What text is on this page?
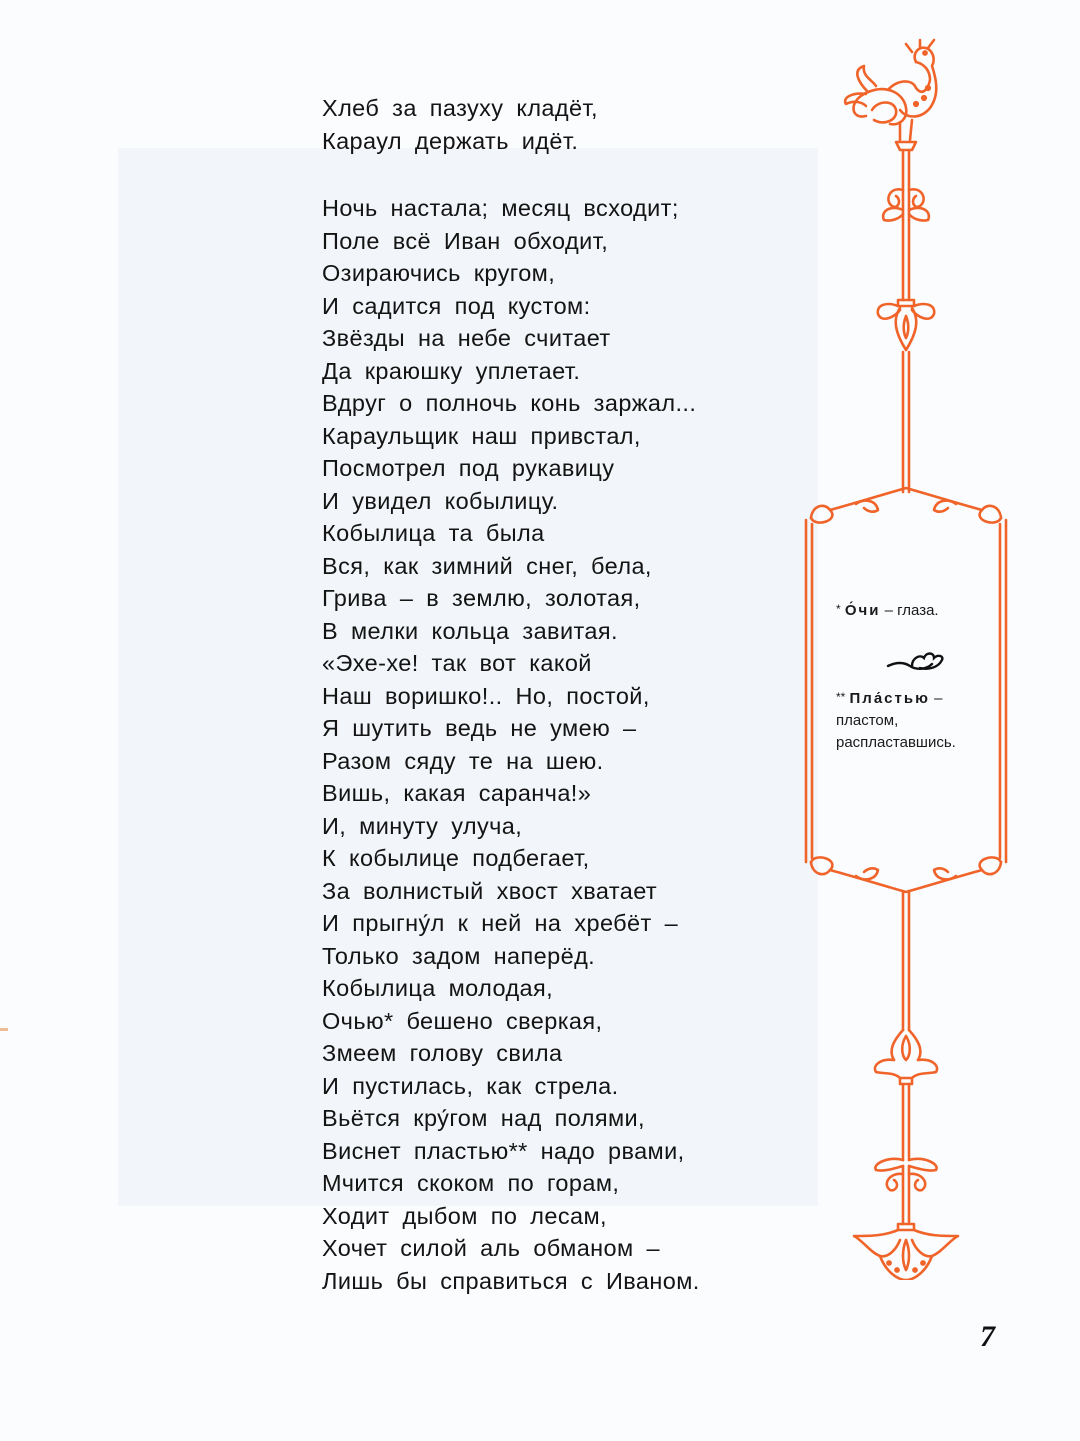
Хлеб за пазуху кладёт,
Караул держать идёт.
Ночь настала; месяц всходит;
Поле всё Иван обходит,
Озираючись кругом,
И садится под кустом:
Звёзды на небе считает
Да краюшку уплетает.
Вдруг о полночь конь заржал...
Караульщик наш привстал,
Посмотрел под рукавицу
И увидел кобылицу.
Кобылица та была
Вся, как зимний снег, бела,
Грива – в землю, золотая,
В мелки кольца завитая.
«Эхе-хе! так вот какой
Наш воришко!.. Но, постой,
Я шутить ведь не умею –
Разом сяду те на шею.
Вишь, какая саранча!»
И, минуту улуча,
К кобылице подбегает,
За волнистый хвост хватает
И прыгну́л к ней на хребёт –
Только задом наперёд.
Кобылица молодая,
Очью* бешено сверкая,
Змеем голову свила
И пустилась, как стрела.
Вьётся кру́гом над полями,
Виснет пластью** надо рвами,
Мчится скоком по горам,
Ходит дыбом по лесам,
Хочет силой аль обманом –
Лишь бы справиться с Иваном.
* О́чи – глаза.
** Пла́стью – пластом, распластавшись.
7
